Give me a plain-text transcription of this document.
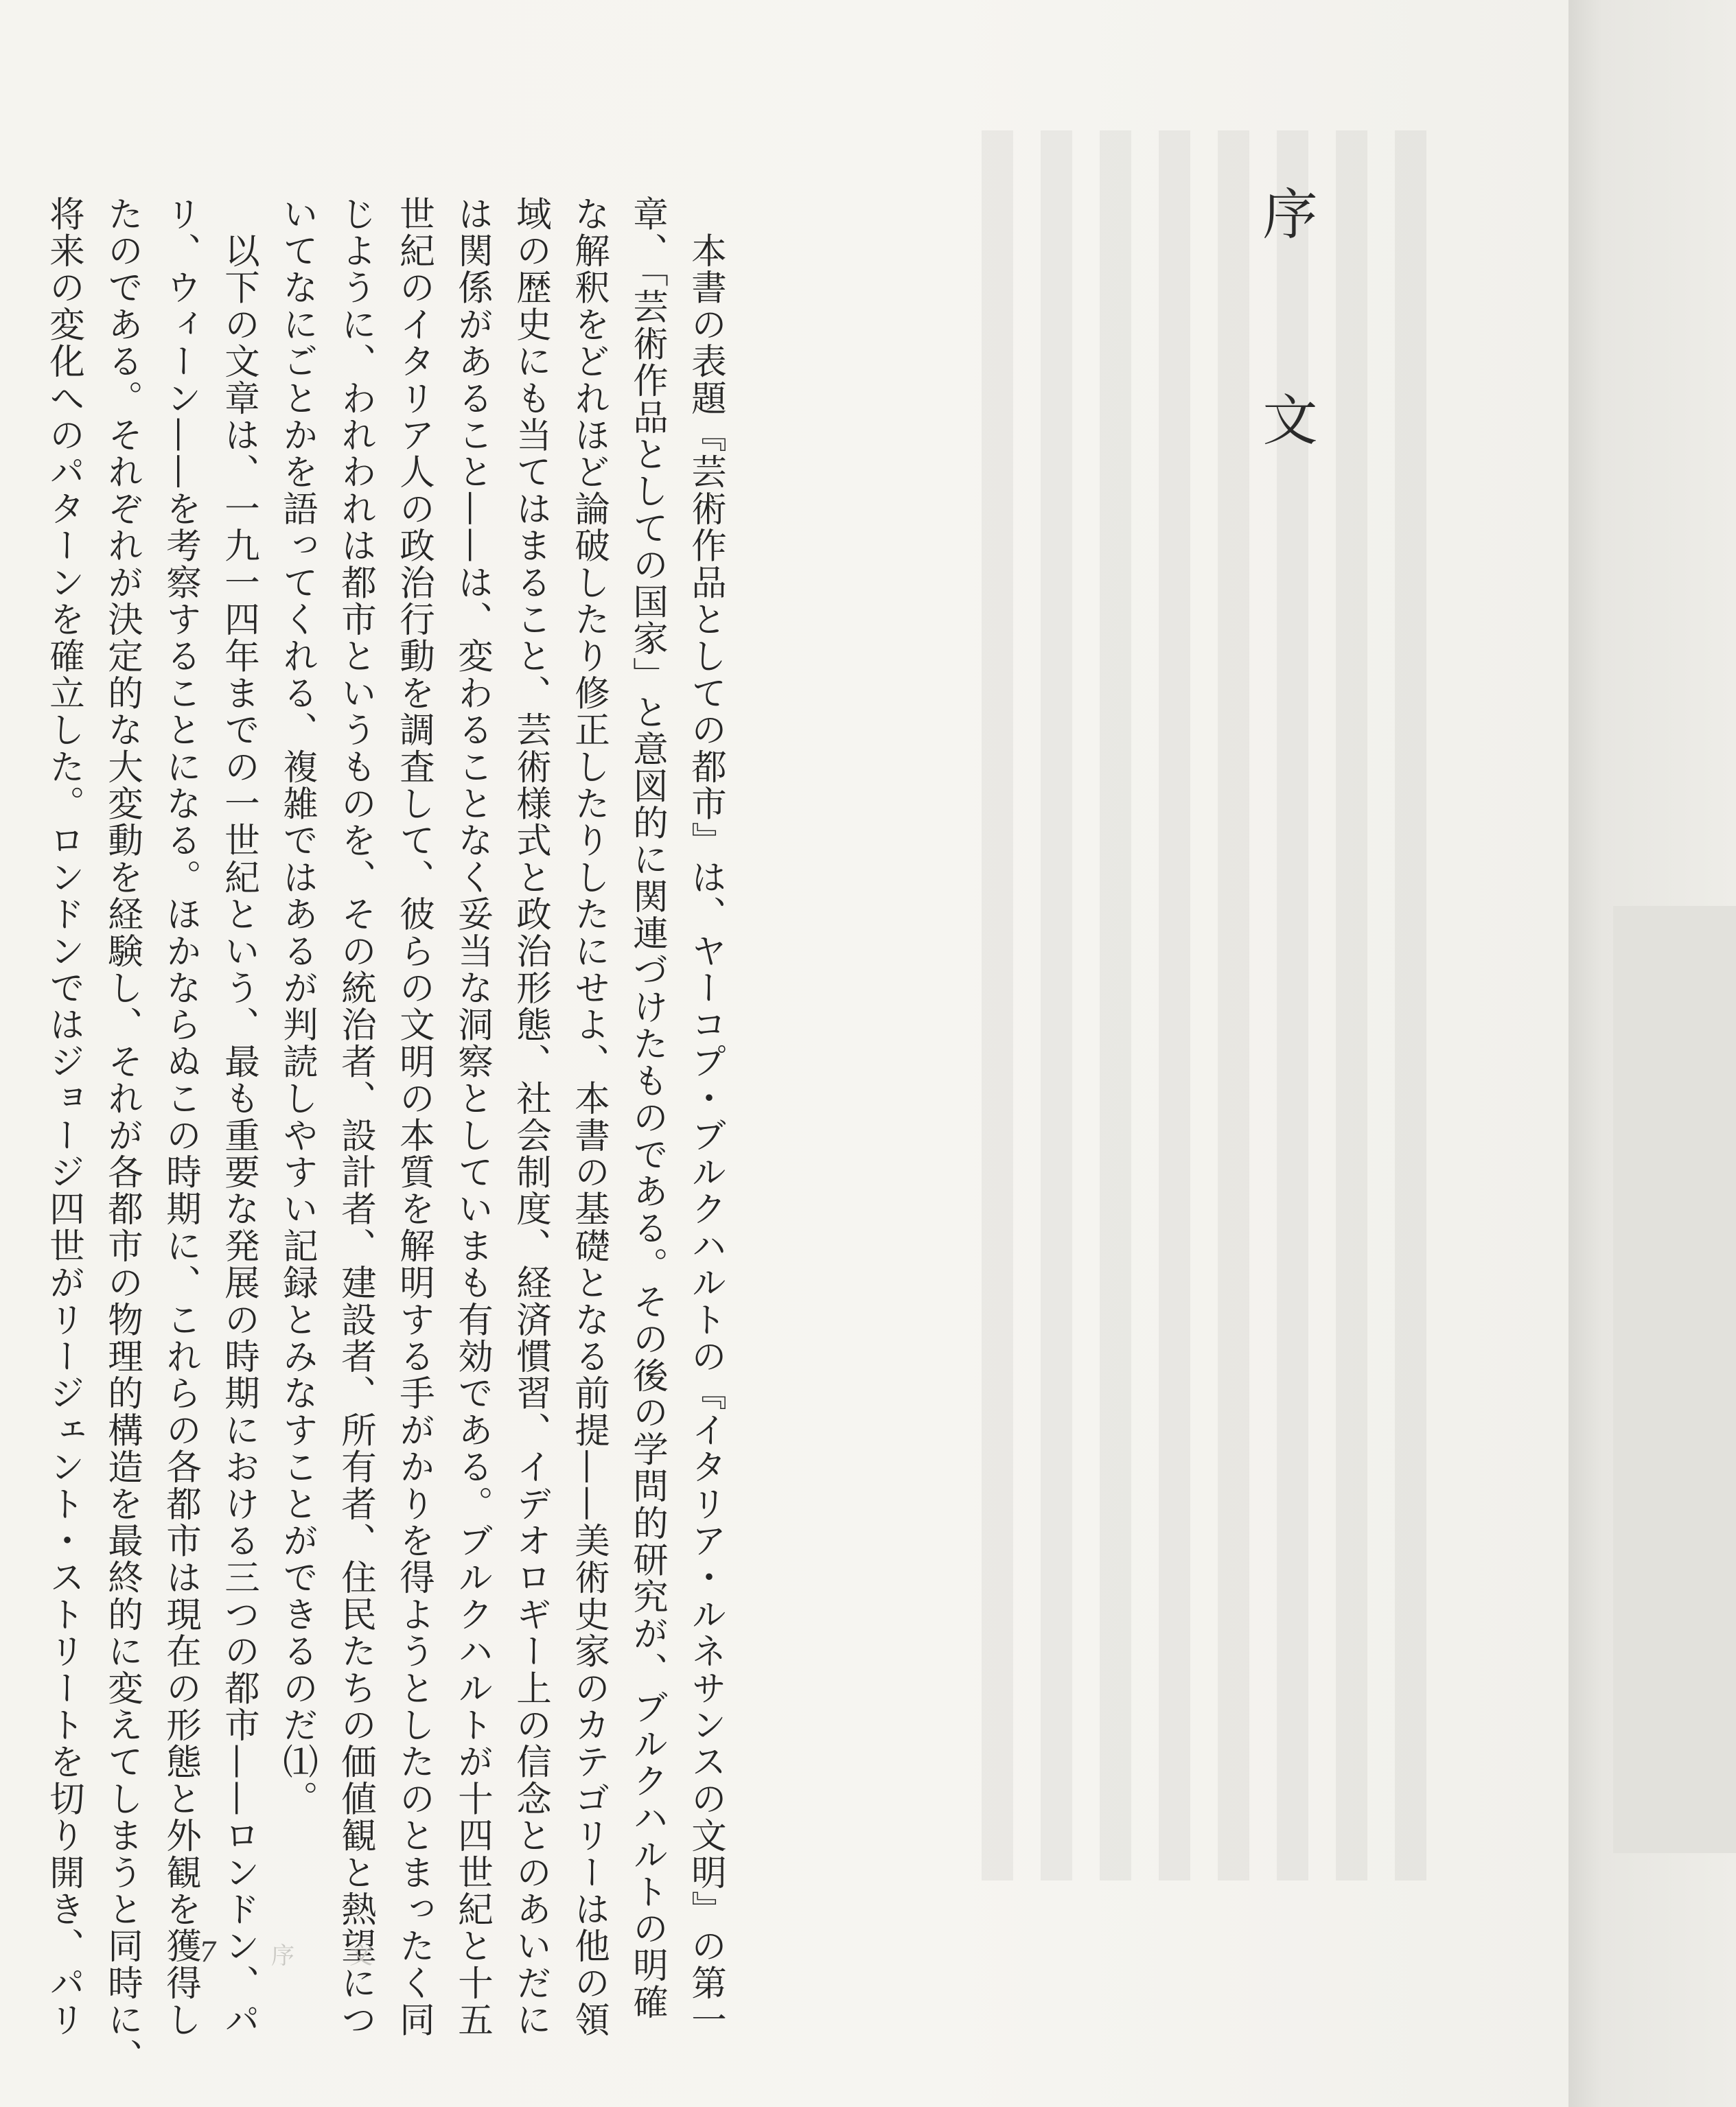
序　文

　本書の表題『芸術作品としての都市』は、ヤーコプ・ブルクハルトの『イタリア・ルネサンスの文明』の第一

章、「芸術作品としての国家」と意図的に関連づけたものである。その後の学問的研究が、ブルクハルトの明確

な解釈をどれほど論破したり修正したりしたにせよ、本書の基礎となる前提——美術史家のカテゴリーは他の領

域の歴史にも当てはまること、芸術様式と政治形態、社会制度、経済慣習、イデオロギー上の信念とのあいだに

は関係があること——は、変わることなく妥当な洞察としていまも有効である。ブルクハルトが十四世紀と十五

世紀のイタリア人の政治行動を調査して、彼らの文明の本質を解明する手がかりを得ようとしたのとまったく同

じように、われわれは都市というものを、その統治者、設計者、建設者、所有者、住民たちの価値観と熱望につ

いてなにごとかを語ってくれる、複雑ではあるが判読しやすい記録とみなすことができるのだ⑴。

　以下の文章は、一九一四年までの一世紀という、最も重要な発展の時期における三つの都市——ロンドン、パ

リ、ウィーン——を考察することになる。ほかならぬこの時期に、これらの各都市は現在の形態と外観を獲得し

たのである。それぞれが決定的な大変動を経験し、それが各都市の物理的構造を最終的に変えてしまうと同時に、

将来の変化へのパターンを確立した。ロンドンではジョージ四世がリージェント・ストリートを切り開き、パリ	7 序文
